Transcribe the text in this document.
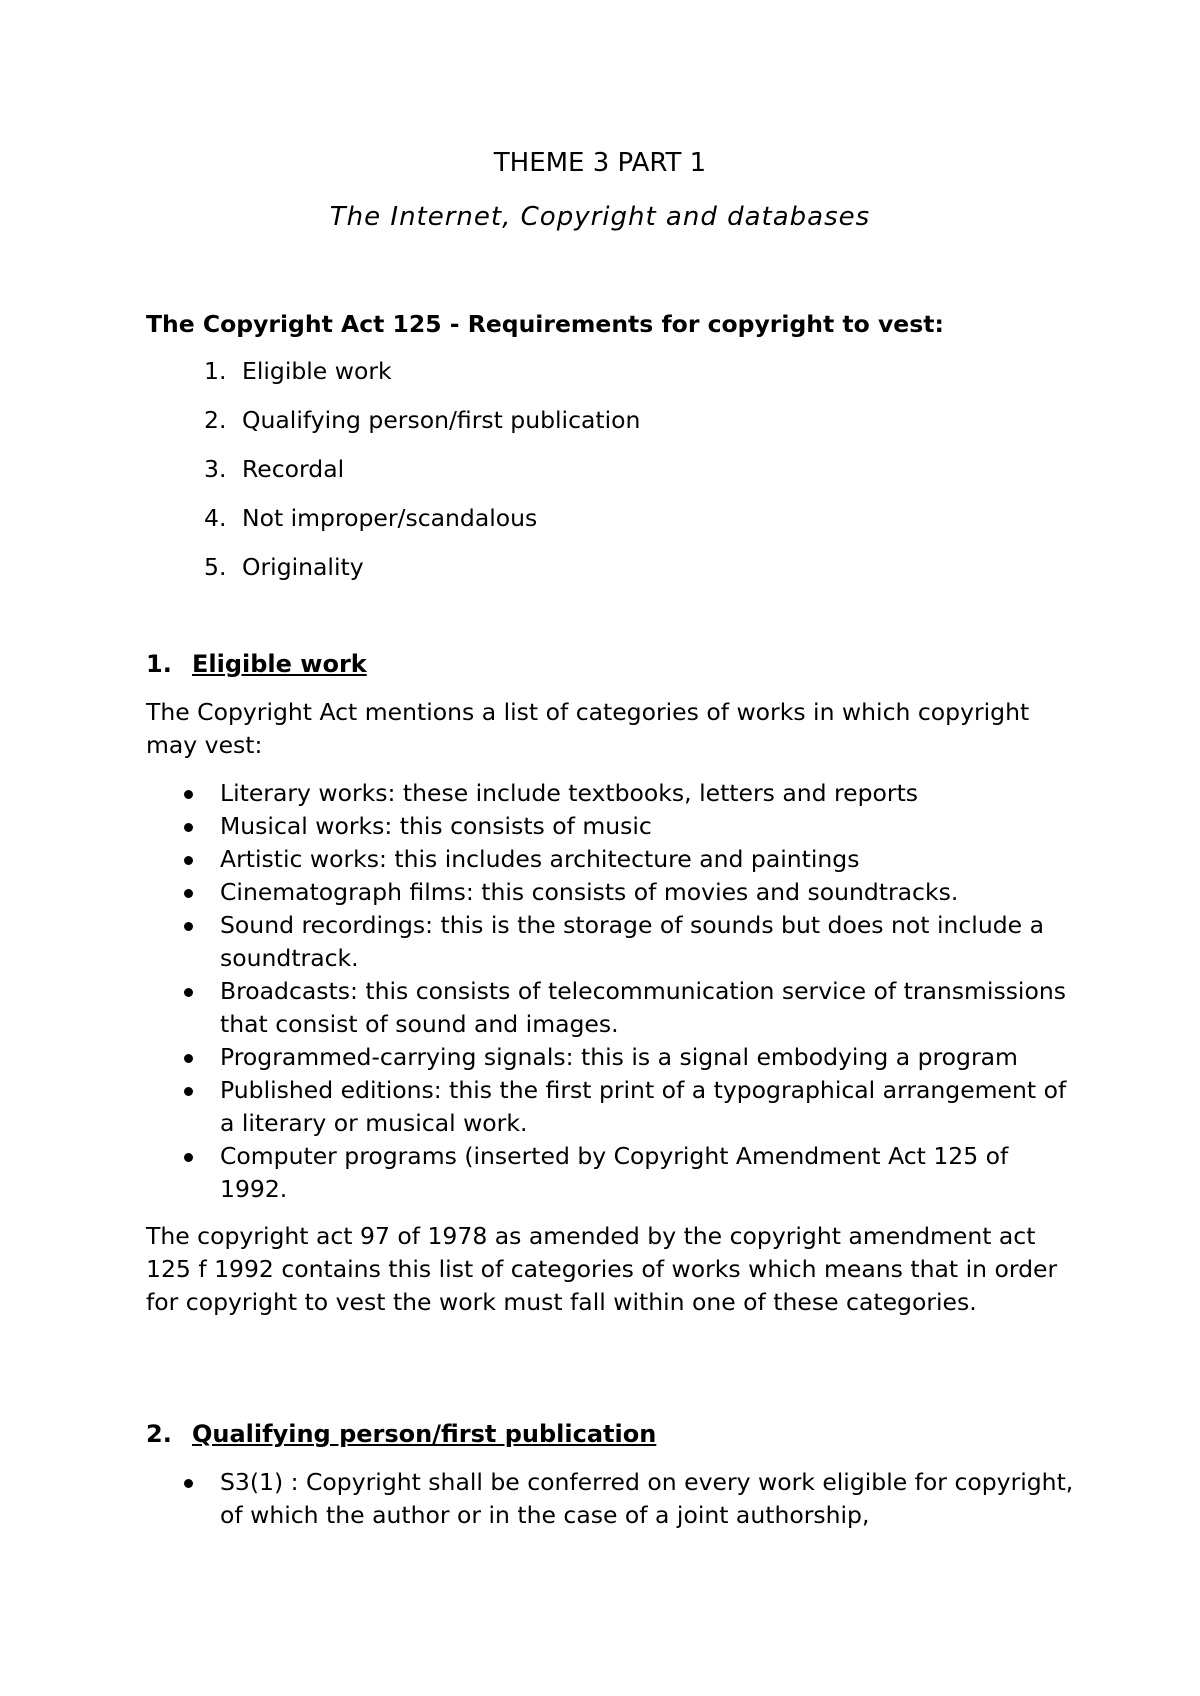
THEME 3 PART 1
The Internet, Copyright and databases
The Copyright Act 125 - Requirements for copyright to vest:
1. Eligible work
2. Qualifying person/first publication
3. Recordal
4. Not improper/scandalous
5. Originality
1. Eligible work
The Copyright Act mentions a list of categories of works in which copyright may vest:
Literary works: these include textbooks, letters and reports
Musical works: this consists of music
Artistic works: this includes architecture and paintings
Cinematograph films: this consists of movies and soundtracks.
Sound recordings: this is the storage of sounds but does not include a soundtrack.
Broadcasts: this consists of telecommunication service of transmissions that consist of sound and images.
Programmed-carrying signals: this is a signal embodying a program
Published editions: this the first print of a typographical arrangement of a literary or musical work.
Computer programs (inserted by Copyright Amendment Act 125 of 1992.
The copyright act 97 of 1978 as amended by the copyright amendment act 125 f 1992 contains this list of categories of works which means that in order for copyright to vest the work must fall within one of these categories.
2. Qualifying person/first publication
S3(1) : Copyright shall be conferred on every work eligible for copyright, of which the author or in the case of a joint authorship,
